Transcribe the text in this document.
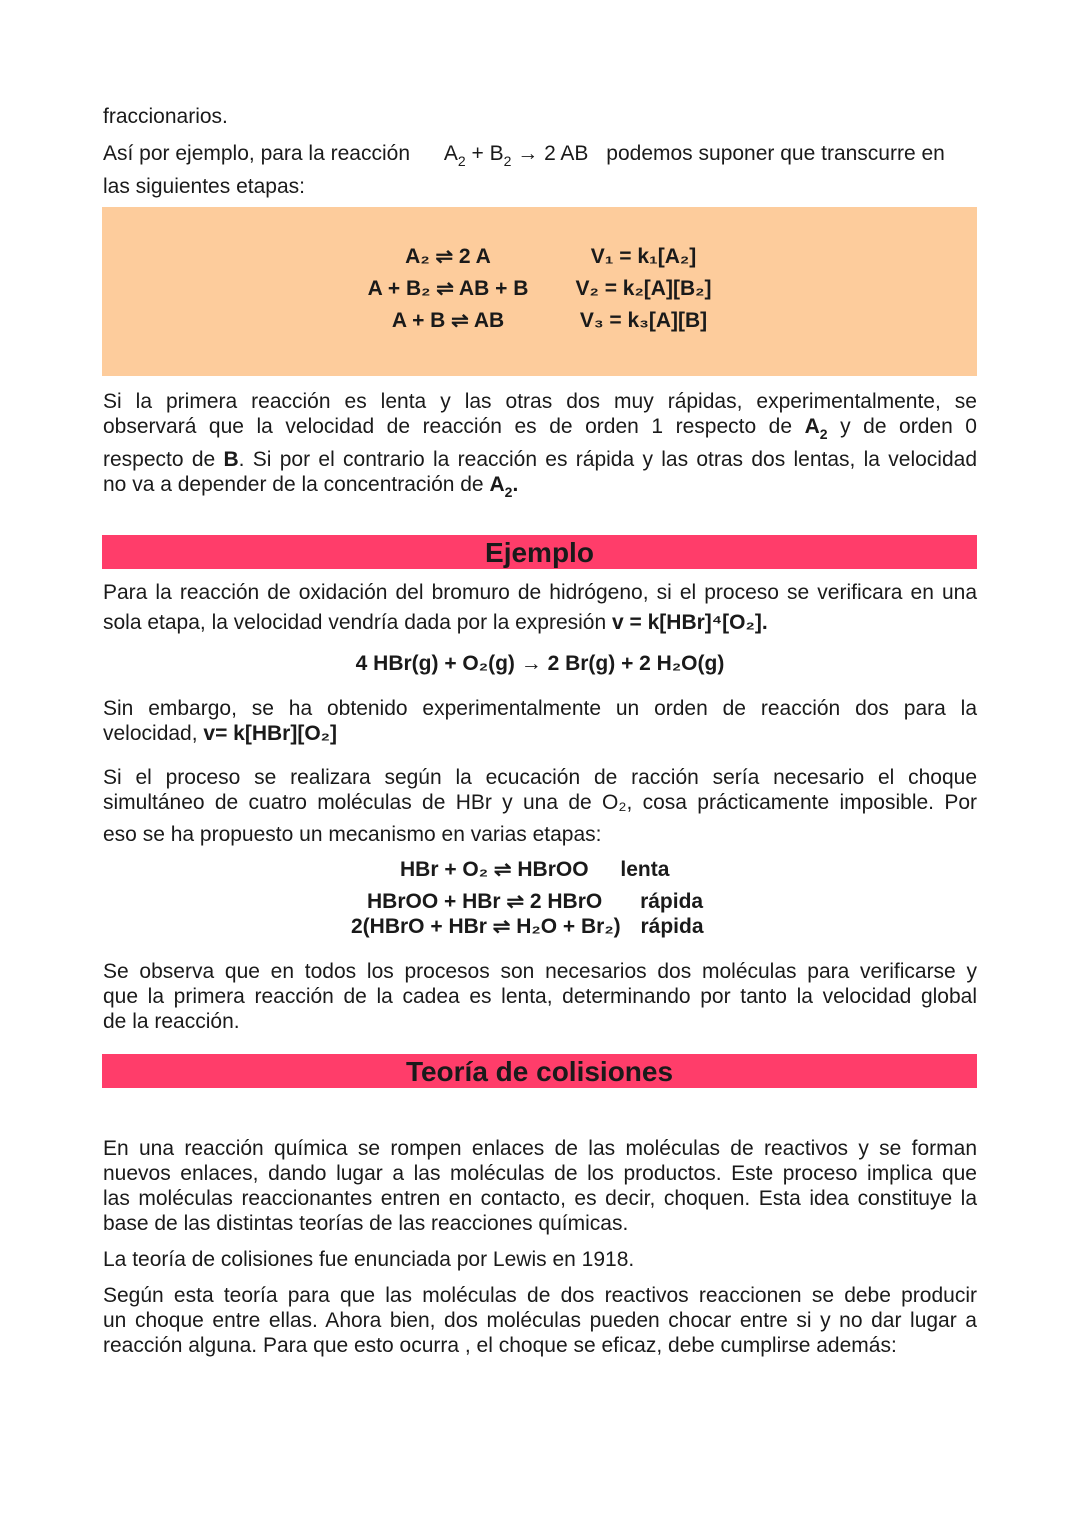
fraccionarios.

Así por ejemplo, para la reacción $A_2 + B_2 \to 2$ AB podemos suponer que transcurre en

las siguientes etapas:

A₂ ⇌ 2 A
A + B₂ ⇌ AB + B
A + B ⇌ AB
V₁ = k₁[A₂]
V₂ = k₂[A][B₂]
V₃ = k₃[A][B]

Si la primera reacción es lenta y las otras dos muy rápidas, experimentalmente, se

observará que la velocidad de reacción es de orden 1 respecto de $A_2$ y de orden 0
respecto de B. Si por el contrario la reacción es rápida y las otras dos lentas, la velocidad
no va a depender de la concentración de $A_2$.
Ejemplo

Para la reacción de oxidación del bromuro de hidrógeno, si el proceso se verificara en una

sola etapa, la velocidad vendría dada por la expresión v = k[HBr]⁴[O₂].
4 HBr(g) + O₂(g) → 2 Br(g) + 2 H₂O(g)

Sin embargo, se ha obtenido experimentalmente un orden de reacción dos para la

velocidad, v= k[HBr][O₂]

Si el proceso se realizara según la ecucación de racción sería necesario el choque

simultáneo de cuatro moléculas de HBr y una de O₂, cosa prácticamente imposible. Por

eso se ha propuesto un mecanismo en varias etapas:

HBr + O₂ ⇌ HBrOO lenta
HBrOO + HBr ⇌ 2 HBrO rápida
2(HBrO + HBr ⇌ H₂O + Br₂) rápida

Se observa que en todos los procesos son necesarios dos moléculas para verificarse y

que la primera reacción de la cadea es lenta, determinando por tanto la velocidad global

de la reacción.

Teoría de colisiones

En una reacción química se rompen enlaces de las moléculas de reactivos y se forman

nuevos enlaces, dando lugar a las moléculas de los productos. Este proceso implica que

las moléculas reaccionantes entren en contacto, es decir, choquen. Esta idea constituye la

base de las distintas teorías de las reacciones químicas.

La teoría de colisiones fue enunciada por Lewis en 1918.

Según esta teoría para que las moléculas de dos reactivos reaccionen se debe producir

un choque entre ellas. Ahora bien, dos moléculas pueden chocar entre si y no dar lugar a

reacción alguna. Para que esto ocurra , el choque se eficaz, debe cumplirse además:
